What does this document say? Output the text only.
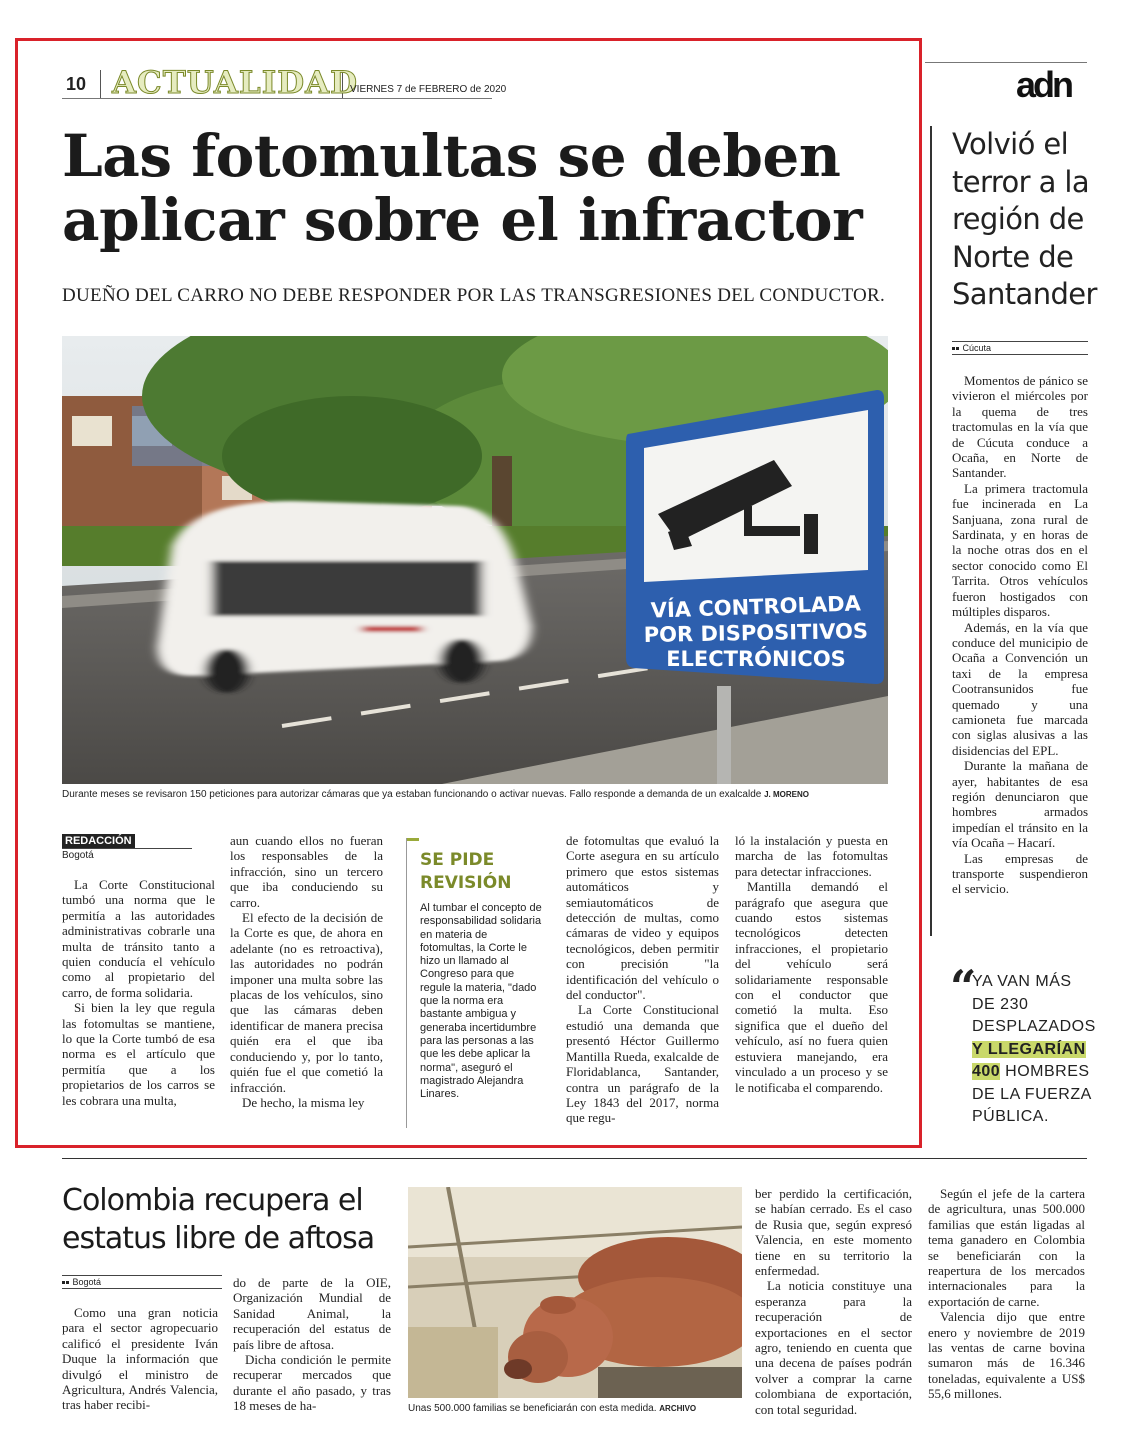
10 ACTUALIDAD
VIERNES 7 de FEBRERO de 2020	adn
Las fotomultas se deben aplicar sobre el infractor
DUEÑO DEL CARRO NO DEBE RESPONDER POR LAS TRANSGRESIONES DEL CONDUCTOR.
VÍA CONTROLADA
POR DISPOSITIVOS
ELECTRÓNICOS
Durante meses se revisaron 150 peticiones para autorizar cámaras que ya estaban funcionando o activar nuevas. Fallo responde a demanda de un exalcalde J. MORENO
REDACCIÓN
Bogotá

La Corte Constitucional tumbó una norma que le permitía a las autoridades administrativas cobrarle una multa de tránsito tanto a quien conducía el vehículo como al propietario del carro, de forma solidaria.

Si bien la ley que regula las fotomultas se mantiene, lo que la Corte tumbó de esa norma es el artículo que permitía que a los propietarios de los carros se les cobrara una multa,

aun cuando ellos no fueran los responsables de la infracción, sino un tercero que iba conduciendo su carro.

El efecto de la decisión de la Corte es que, de ahora en adelante (no es retroactiva), las autoridades no podrán imponer una multa sobre las placas de los vehículos, sino que las cámaras deben identificar de manera precisa quién era el que iba conduciendo y, por lo tanto, quién fue el que cometió la infracción.

De hecho, la misma ley

SE PIDE REVISIÓN
Al tumbar el concepto de responsabilidad solidaria en materia de fotomultas, la Corte le hizo un llamado al Congreso para que regule la materia, "dado que la norma era bastante ambigua y generaba incertidumbre para las personas a las que les debe aplicar la norma", aseguró el magistrado Alejandra Linares.

de fotomultas que evaluó la Corte asegura en su artículo primero que estos sistemas automáticos y semiautomáticos de detección de multas, como cámaras de video y equipos tecnológicos, deben permitir con precisión "la identificación del vehículo o del conductor".

La Corte Constitucional estudió una demanda que presentó Héctor Guillermo Mantilla Rueda, exalcalde de Floridablanca, Santander, contra un parágrafo de la Ley 1843 del 2017, norma que regu-

ló la instalación y puesta en marcha de las fotomultas para detectar infracciones.

Mantilla demandó el parágrafo que asegura que cuando estos sistemas tecnológicos detecten infracciones, el propietario del vehículo será solidariamente responsable con el conductor que cometió la multa. Eso significa que el dueño del vehículo, así no fuera quien estuviera manejando, era vinculado a un proceso y se le notificaba el comparendo.

Volvió el terror a la región de Norte de Santander
Cúcuta

Momentos de pánico se vivieron el miércoles por la quema de tres tractomulas en la vía que de Cúcuta conduce a Ocaña, en Norte de Santander.

La primera tractomula fue incinerada en La Sanjuana, zona rural de Sardinata, y en horas de la noche otras dos en el sector conocido como El Tarrita. Otros vehículos fueron hostigados con múltiples disparos.

Además, en la vía que conduce del municipio de Ocaña a Convención un taxi de la empresa Cootransunidos fue quemado y una camioneta fue marcada con siglas alusivas a las disidencias del EPL.

Durante la mañana de ayer, habitantes de esa región denunciaron que hombres armados impedían el tránsito en la vía Ocaña – Hacarí.

Las empresas de transporte suspendieron el servicio.

“
YA VAN MÁS DE 230 DESPLAZADOS Y LLEGARÍAN 400 HOMBRES DE LA FUERZA PÚBLICA.
Colombia recupera el estatus libre de aftosa
Bogotá

Como una gran noticia para el sector agropecuario calificó el presidente Iván Duque la información que divulgó el ministro de Agricultura, Andrés Valencia, tras haber recibi-

do de parte de la OIE, Organización Mundial de Sanidad Animal, la recuperación del estatus de país libre de aftosa.

Dicha condición le permite recuperar mercados que durante el año pasado, y tras 18 meses de ha-	Unas 500.000 familias se beneficiarán con esta medida. ARCHIVO

ber perdido la certificación, se habían cerrado. Es el caso de Rusia que, según expresó Valencia, en este momento tiene en su territorio la enfermedad.

La noticia constituye una esperanza para la recuperación de exportaciones en el sector agro, teniendo en cuenta que una decena de países podrán volver a comprar la carne colombiana de exportación, con total seguridad.

Según el jefe de la cartera de agricultura, unas 500.000 familias que están ligadas al tema ganadero en Colombia se beneficiarán con la reapertura de los mercados internacionales para la exportación de carne.

Valencia dijo que entre enero y noviembre de 2019 las ventas de carne bovina sumaron más de 16.346 toneladas, equivalente a US$ 55,6 millones.
